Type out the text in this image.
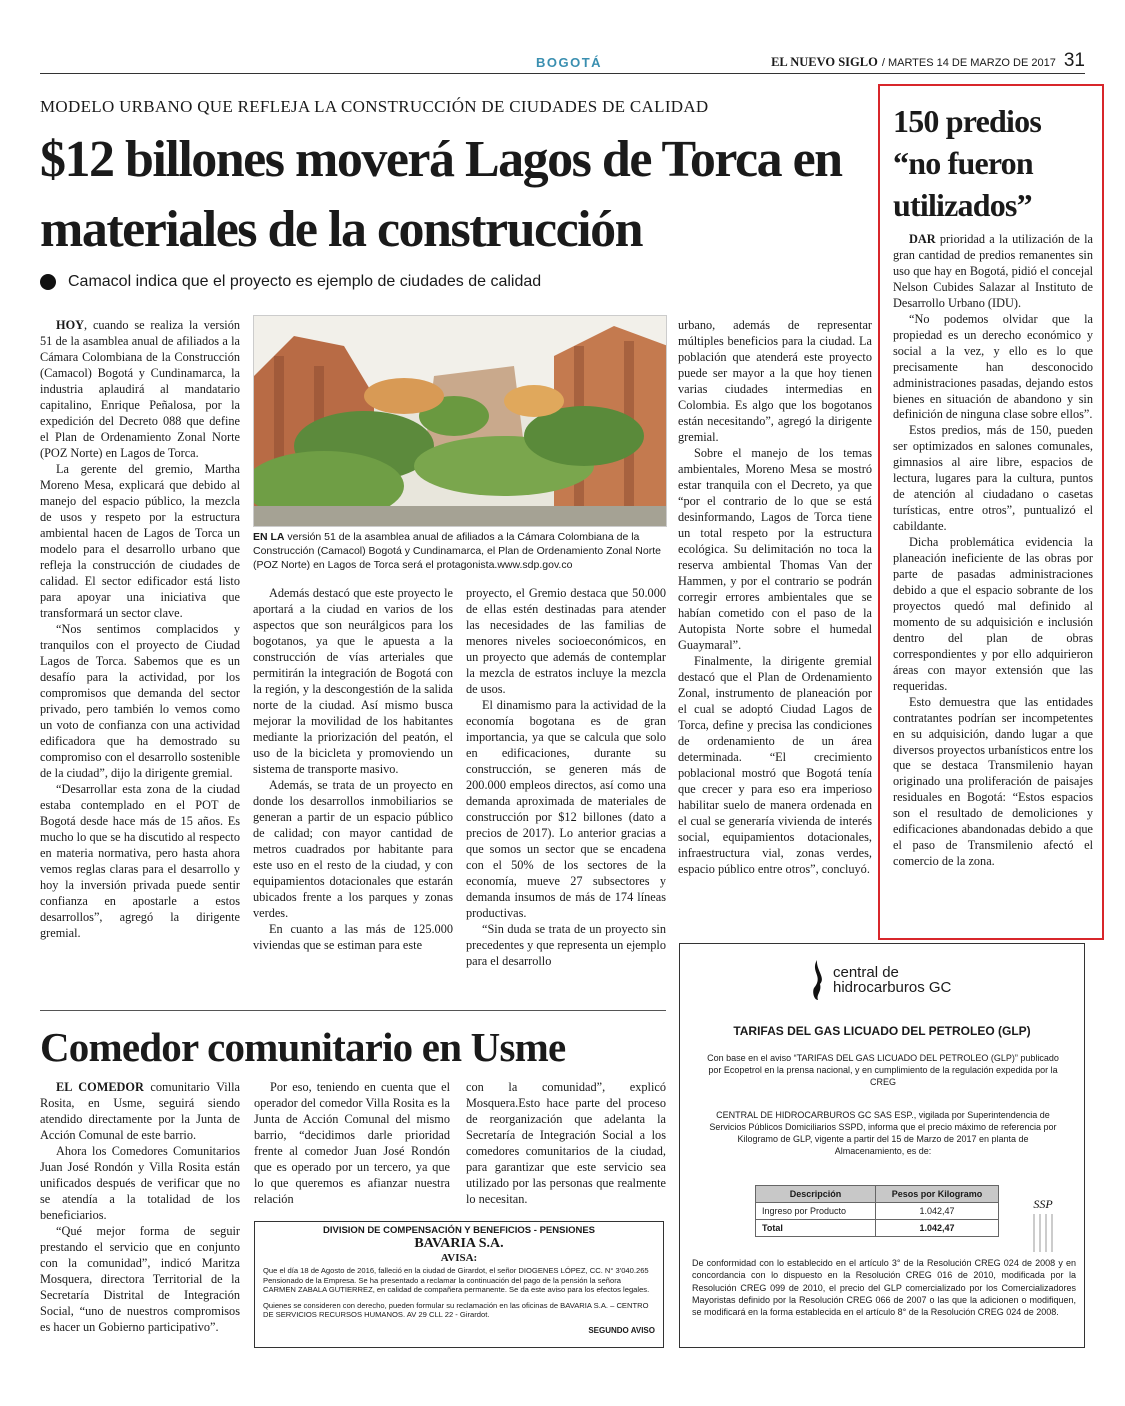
BOGOTÁ	EL NUEVO SIGLO / MARTES 14 DE MARZO DE 2017 31
MODELO URBANO QUE REFLEJA LA CONSTRUCCIÓN DE CIUDADES DE CALIDAD
$12 billones moverá Lagos de Torca en materiales de la construcción
Camacol indica que el proyecto es ejemplo de ciudades de calidad

HOY, cuando se realiza la versión 51 de la asamblea anual de afiliados a la Cámara Colombiana de la Construcción (Camacol) Bogotá y Cundinamarca, la industria aplaudirá al mandatario capitalino, Enrique Peñalosa, por la expedición del Decreto 088 que define el Plan de Ordenamiento Zonal Norte (POZ Norte) en Lagos de Torca.

La gerente del gremio, Martha Moreno Mesa, explicará que debido al manejo del espacio público, la mezcla de usos y respeto por la estructura ambiental hacen de Lagos de Torca un modelo para el desarrollo urbano que refleja la construcción de ciudades de calidad. El sector edificador está listo para apoyar una iniciativa que transformará un sector clave.

“Nos sentimos complacidos y tranquilos con el proyecto de Ciudad Lagos de Torca. Sabemos que es un desafío para la actividad, por los compromisos que demanda del sector privado, pero también lo vemos como un voto de confianza con una actividad edificadora que ha demostrado su compromiso con el desarrollo sostenible de la ciudad”, dijo la dirigente gremial.

“Desarrollar esta zona de la ciudad estaba contemplado en el POT de Bogotá desde hace más de 15 años. Es mucho lo que se ha discutido al respecto en materia normativa, pero hasta ahora vemos reglas claras para el desarrollo y hoy la inversión privada puede sentir confianza en apostarle a estos desarrollos”, agregó la dirigente gremial.

EN LA versión 51 de la asamblea anual de afiliados a la Cámara Colombiana de la Construcción (Camacol) Bogotá y Cundinamarca, el Plan de Ordenamiento Zonal Norte (POZ Norte) en Lagos de Torca será el protagonista.www.sdp.gov.co

Además destacó que este proyecto le aportará a la ciudad en varios de los aspectos que son neurálgicos para los bogotanos, ya que le apuesta a la construcción de vías arteriales que permitirán la integración de Bogotá con la región, y la descongestión de la salida norte de la ciudad. Así mismo busca mejorar la movilidad de los habitantes mediante la priorización del peatón, el uso de la bicicleta y promoviendo un sistema de transporte masivo.

Además, se trata de un proyecto en donde los desarrollos inmobiliarios se generan a partir de un espacio público de calidad; con mayor cantidad de metros cuadrados por habitante para este uso en el resto de la ciudad, y con equipamientos dotacionales que estarán ubicados frente a los parques y zonas verdes.

En cuanto a las más de 125.000 viviendas que se estiman para este

proyecto, el Gremio destaca que 50.000 de ellas estén destinadas para atender las necesidades de las familias de menores niveles socioeconómicos, en un proyecto que además de contemplar la mezcla de estratos incluye la mezcla de usos.

El dinamismo para la actividad de la economía bogotana es de gran importancia, ya que se calcula que solo en edificaciones, durante su construcción, se generen más de 200.000 empleos directos, así como una demanda aproximada de materiales de construcción por $12 billones (dato a precios de 2017). Lo anterior gracias a que somos un sector que se encadena con el 50% de los sectores de la economía, mueve 27 subsectores y demanda insumos de más de 174 líneas productivas.

“Sin duda se trata de un proyecto sin precedentes y que representa un ejemplo para el desarrollo

urbano, además de representar múltiples beneficios para la ciudad. La población que atenderá este proyecto puede ser mayor a la que hoy tienen varias ciudades intermedias en Colombia. Es algo que los bogotanos están necesitando”, agregó la dirigente gremial.

Sobre el manejo de los temas ambientales, Moreno Mesa se mostró estar tranquila con el Decreto, ya que “por el contrario de lo que se está desinformando, Lagos de Torca tiene un total respeto por la estructura ecológica. Su delimitación no toca la reserva ambiental Thomas Van der Hammen, y por el contrario se podrán corregir errores ambientales que se habían cometido con el paso de la Autopista Norte sobre el humedal Guaymaral”.

Finalmente, la dirigente gremial destacó que el Plan de Ordenamiento Zonal, instrumento de planeación por el cual se adoptó Ciudad Lagos de Torca, define y precisa las condiciones de ordenamiento de un área determinada. “El crecimiento poblacional mostró que Bogotá tenía que crecer y para eso era imperioso habilitar suelo de manera ordenada en el cual se generaría vivienda de interés social, equipamientos dotacionales, infraestructura vial, zonas verdes, espacio público entre otros”, concluyó.

150 predios “no fueron utilizados”

DAR prioridad a la utilización de la gran cantidad de predios remanentes sin uso que hay en Bogotá, pidió el concejal Nelson Cubides Salazar al Instituto de Desarrollo Urbano (IDU).

“No podemos olvidar que la propiedad es un derecho económico y social a la vez, y ello es lo que precisamente han desconocido administraciones pasadas, dejando estos bienes en situación de abandono y sin definición de ninguna clase sobre ellos”.

Estos predios, más de 150, pueden ser optimizados en salones comunales, gimnasios al aire libre, espacios de lectura, lugares para la cultura, puntos de atención al ciudadano o casetas turísticas, entre otros”, puntualizó el cabildante.

Dicha problemática evidencia la planeación ineficiente de las obras por parte de pasadas administraciones debido a que el espacio sobrante de los proyectos quedó mal definido al momento de su adquisición e inclusión dentro del plan de obras correspondientes y por ello adquirieron áreas con mayor extensión que las requeridas.

Esto demuestra que las entidades contratantes podrían ser incompetentes en su adquisición, dando lugar a que diversos proyectos urbanísticos entre los que se destaca Transmilenio hayan originado una proliferación de paisajes residuales en Bogotá: “Estos espacios son el resultado de demoliciones y edificaciones abandonadas debido a que el paso de Transmilenio afectó el comercio de la zona.

Comedor comunitario en Usme

EL COMEDOR comunitario Villa Rosita, en Usme, seguirá siendo atendido directamente por la Junta de Acción Comunal de este barrio.

Ahora los Comedores Comunitarios Juan José Rondón y Villa Rosita están unificados después de verificar que no se atendía a la totalidad de los beneficiarios.

“Qué mejor forma de seguir prestando el servicio que en conjunto con la comunidad”, indicó Maritza Mosquera, directora Territorial de la Secretaría Distrital de Integración Social, “uno de nuestros compromisos es hacer un Gobierno participativo”.

Por eso, teniendo en cuenta que el operador del comedor Villa Rosita es la Junta de Acción Comunal del mismo barrio, “decidimos darle prioridad frente al comedor Juan José Rondón que es operado por un tercero, ya que lo que queremos es afianzar nuestra relación

con la comunidad”, explicó Mosquera.Esto hace parte del proceso de reorganización que adelanta la Secretaría de Integración Social a los comedores comunitarios de la ciudad, para garantizar que este servicio sea utilizado por las personas que realmente lo necesitan.

DIVISION DE COMPENSACIÓN Y BENEFICIOS - PENSIONES
BAVARIA S.A.
AVISA:
Que el día 18 de Agosto de 2016, falleció en la ciudad de Girardot, el señor DIOGENES LÓPEZ, CC. N° 3'040.265 Pensionado de la Empresa. Se ha presentado a reclamar la continuación del pago de la pensión la señora CARMEN ZABALA GUTIERREZ, en calidad de compañera permanente. Se da este aviso para los efectos legales.
Quienes se consideren con derecho, pueden formular su reclamación en las oficinas de BAVARIA S.A. – CENTRO DE SERVICIOS RECURSOS HUMANOS. AV 29 CLL 22 - Girardot.
SEGUNDO AVISO
central de
hidrocarburos GC
TARIFAS DEL GAS LICUADO DEL PETROLEO (GLP)
Con base en el aviso “TARIFAS DEL GAS LICUADO DEL PETROLEO (GLP)” publicado por Ecopetrol en la prensa nacional, y en cumplimiento de la regulación expedida por la CREG
CENTRAL DE HIDROCARBUROS GC SAS ESP., vigilada por Superintendencia de Servicios Públicos Domiciliarios SSPD, informa que el precio máximo de referencia por Kilogramo de GLP, vigente a partir del 15 de Marzo de 2017 en planta de Almacenamiento, es de:
Descripción	Pesos por Kilogramo
Ingreso por Producto	1.042,47
Total	1.042,47
SSP
De conformidad con lo establecido en el artículo 3° de la Resolución CREG 024 de 2008 y en concordancia con lo dispuesto en la Resolución CREG 016 de 2010, modificada por la Resolución CREG 099 de 2010, el precio del GLP comercializado por los Comercializadores Mayoristas definido por la Resolución CREG 066 de 2007 o las que la adicionen o modifiquen, se modificará en la forma establecida en el artículo 8° de la Resolución CREG 024 de 2008.
